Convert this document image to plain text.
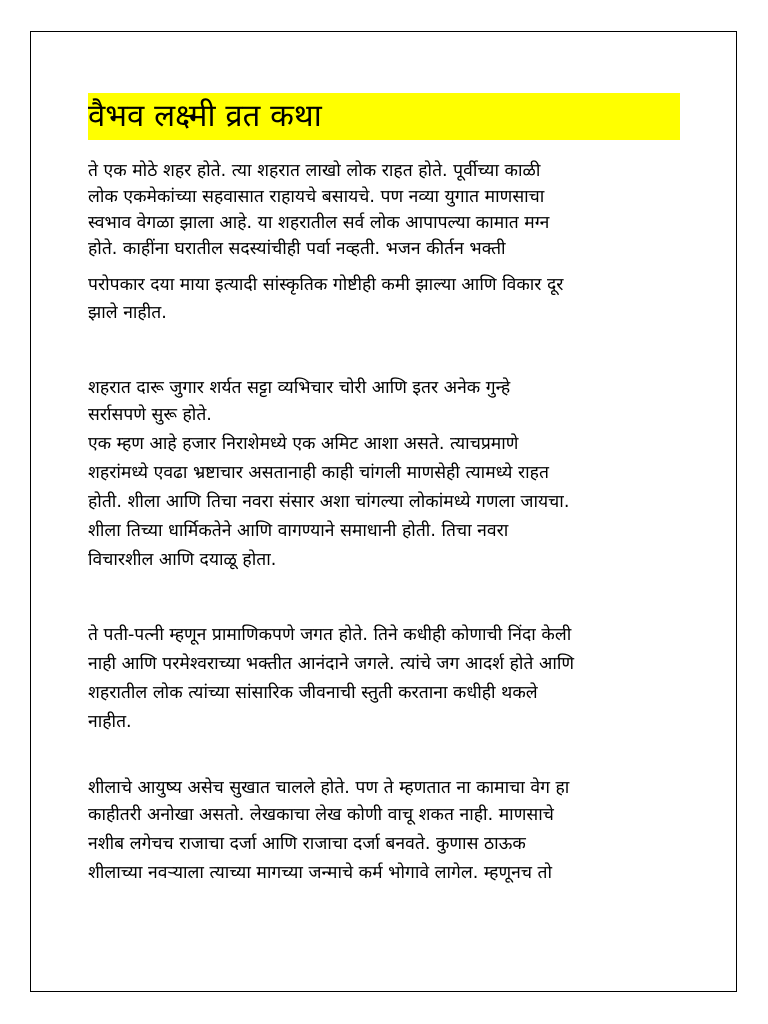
वैभव लक्ष्मी व्रत कथा
ते एक मोठे शहर होते. त्या शहरात लाखो लोक राहत होते. पूर्वीच्या काळी
लोक एकमेकांच्या सहवासात राहायचे बसायचे. पण नव्या युगात माणसाचा
स्वभाव वेगळा झाला आहे. या शहरातील सर्व लोक आपापल्या कामात मग्न
होते. काहींना घरातील सदस्यांचीही पर्वा नव्हती. भजन कीर्तन भक्ती
परोपकार दया माया इत्यादी सांस्कृतिक गोष्टीही कमी झाल्या आणि विकार दूर
झाले नाहीत.
शहरात दारू जुगार शर्यत सट्टा व्यभिचार चोरी आणि इतर अनेक गुन्हे
सर्रासपणे सुरू होते.
एक म्हण आहे हजार निराशेमध्ये एक अमिट आशा असते. त्याचप्रमाणे
शहरांमध्ये एवढा भ्रष्टाचार असतानाही काही चांगली माणसेही त्यामध्ये राहत
होती. शीला आणि तिचा नवरा संसार अशा चांगल्या लोकांमध्ये गणला जायचा.
शीला तिच्या धार्मिकतेने आणि वागण्याने समाधानी होती. तिचा नवरा
विचारशील आणि दयाळू होता.
ते पती-पत्नी म्हणून प्रामाणिकपणे जगत होते. तिने कधीही कोणाची निंदा केली
नाही आणि परमेश्वराच्या भक्तीत आनंदाने जगले. त्यांचे जग आदर्श होते आणि
शहरातील लोक त्यांच्या सांसारिक जीवनाची स्तुती करताना कधीही थकले
नाहीत.
शीलाचे आयुष्य असेच सुखात चालले होते. पण ते म्हणतात ना कामाचा वेग हा
काहीतरी अनोखा असतो. लेखकाचा लेख कोणी वाचू शकत नाही. माणसाचे
नशीब लगेचच राजाचा दर्जा आणि राजाचा दर्जा बनवते. कुणास ठाऊक
शीलाच्या नवऱ्याला त्याच्या मागच्या जन्माचे कर्म भोगावे लागेल. म्हणूनच तो
